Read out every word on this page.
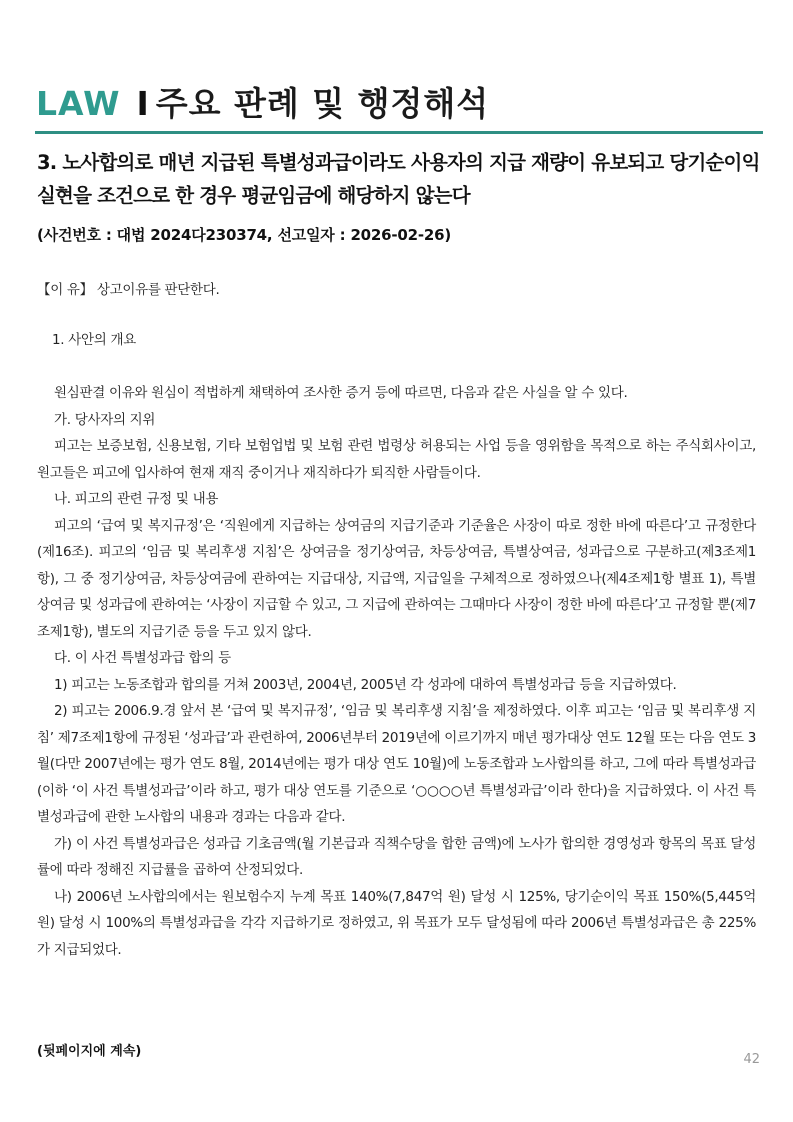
LAW I 주요 판례 및 행정해석
3. 노사합의로 매년 지급된 특별성과급이라도 사용자의 지급 재량이 유보되고 당기순이익 실현을 조건으로 한 경우 평균임금에 해당하지 않는다
(사건번호 : 대법 2024다230374, 선고일자 : 2026-02-26)

【이 유】 상고이유를 판단한다.

1. 사안의 개요

원심판결 이유와 원심이 적법하게 채택하여 조사한 증거 등에 따르면, 다음과 같은 사실을 알 수 있다.

가. 당사자의 지위

피고는 보증보험, 신용보험, 기타 보험업법 및 보험 관련 법령상 허용되는 사업 등을 영위함을 목적으로 하는 주식회사이고, 원고들은 피고에 입사하여 현재 재직 중이거나 재직하다가 퇴직한 사람들이다.

나. 피고의 관련 규정 및 내용

피고의 ‘급여 및 복지규정’은 ‘직원에게 지급하는 상여금의 지급기준과 기준율은 사장이 따로 정한 바에 따른다’고 규정한다(제16조). 피고의 ‘임금 및 복리후생 지침’은 상여금을 정기상여금, 차등상여금, 특별상여금, 성과급으로 구분하고(제3조제1항), 그 중 정기상여금, 차등상여금에 관하여는 지급대상, 지급액, 지급일을 구체적으로 정하였으나(제4조제1항 별표 1), 특별상여금 및 성과급에 관하여는 ‘사장이 지급할 수 있고, 그 지급에 관하여는 그때마다 사장이 정한 바에 따른다’고 규정할 뿐(제7조제1항), 별도의 지급기준 등을 두고 있지 않다.

다. 이 사건 특별성과급 합의 등

1) 피고는 노동조합과 합의를 거쳐 2003년, 2004년, 2005년 각 성과에 대하여 특별성과급 등을 지급하였다.

2) 피고는 2006.9.경 앞서 본 ‘급여 및 복지규정’, ‘임금 및 복리후생 지침’을 제정하였다. 이후 피고는 ‘임금 및 복리후생 지침’ 제7조제1항에 규정된 ‘성과급’과 관련하여, 2006년부터 2019년에 이르기까지 매년 평가대상 연도 12월 또는 다음 연도 3월(다만 2007년에는 평가 연도 8월, 2014년에는 평가 대상 연도 10월)에 노동조합과 노사합의를 하고, 그에 따라 특별성과급(이하 ‘이 사건 특별성과급’이라 하고, 평가 대상 연도를 기준으로 ‘○○○○년 특별성과급’이라 한다)을 지급하였다. 이 사건 특별성과급에 관한 노사합의 내용과 경과는 다음과 같다.

가) 이 사건 특별성과급은 성과급 기초금액(월 기본급과 직책수당을 합한 금액)에 노사가 합의한 경영성과 항목의 목표 달성률에 따라 정해진 지급률을 곱하여 산정되었다.

나) 2006년 노사합의에서는 원보험수지 누계 목표 140%(7,847억 원) 달성 시 125%, 당기순이익 목표 150%(5,445억 원) 달성 시 100%의 특별성과급을 각각 지급하기로 정하였고, 위 목표가 모두 달성됨에 따라 2006년 특별성과급은 총 225%가 지급되었다.

(뒷페이지에 계속)
42
